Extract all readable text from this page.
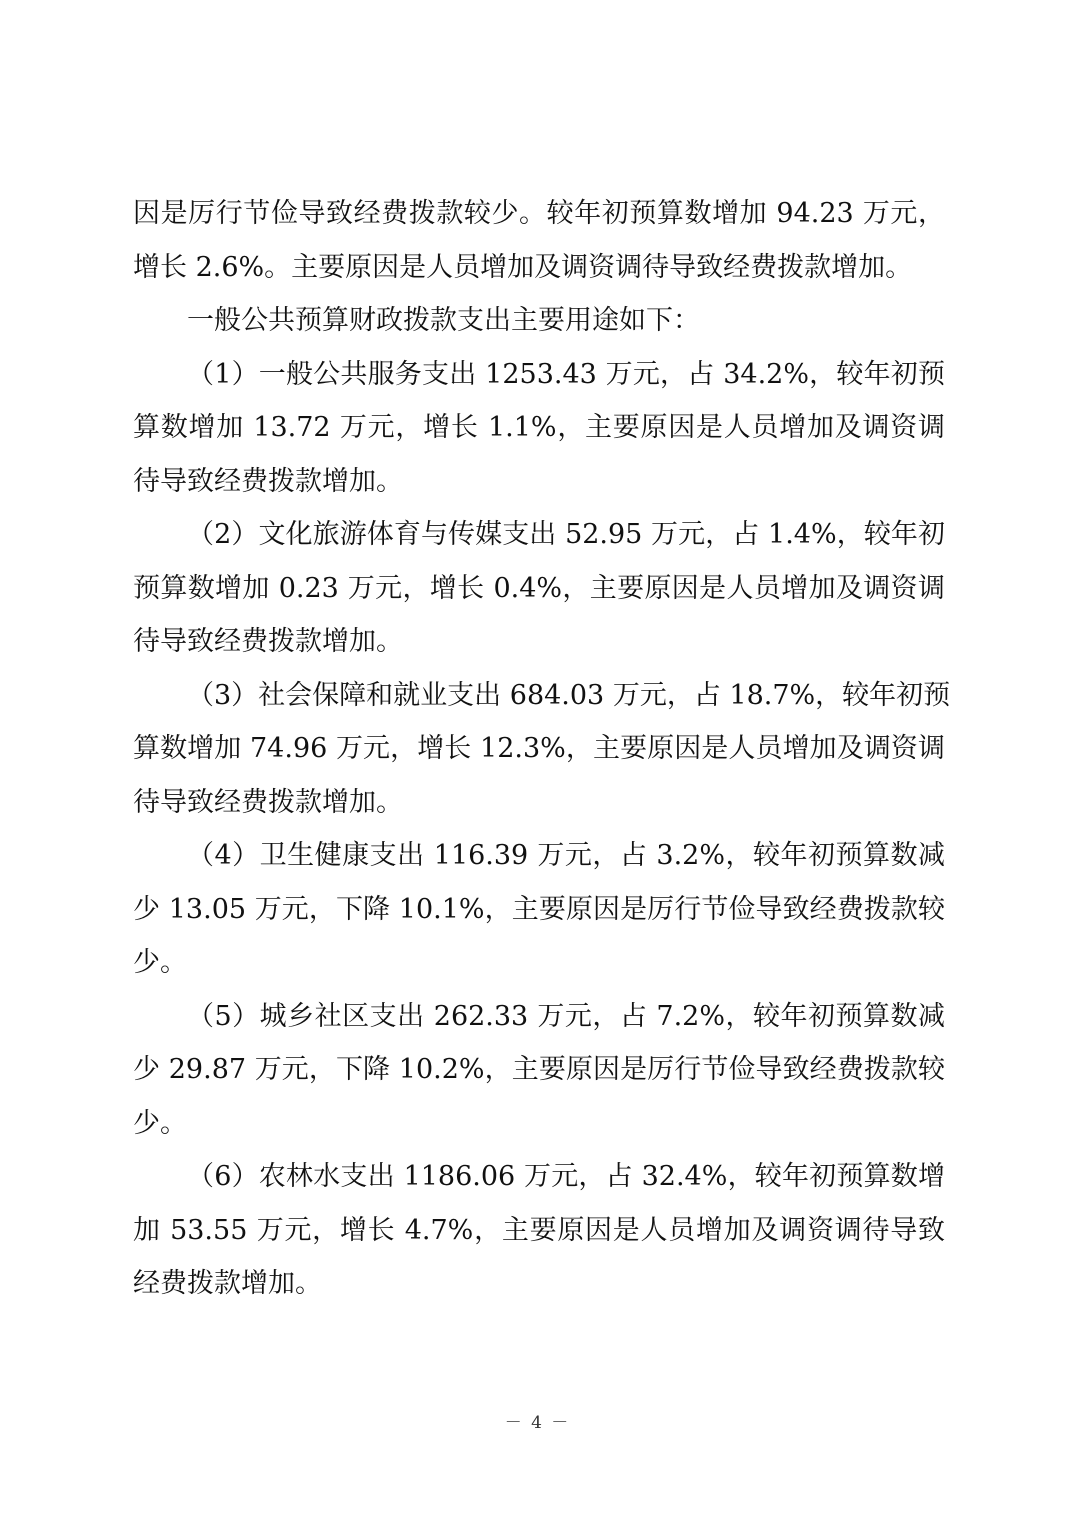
因是厉行节俭导致经费拨款较少。较年初预算数增加 94.23 万元，
增长 2.6%。主要原因是人员增加及调资调待导致经费拨款增加。
一般公共预算财政拨款支出主要用途如下：
（1）一般公共服务支出 1253.43 万元，占 34.2%，较年初预
算数增加 13.72 万元，增长 1.1%，主要原因是人员增加及调资调
待导致经费拨款增加。
（2）文化旅游体育与传媒支出 52.95 万元，占 1.4%，较年初
预算数增加 0.23 万元，增长 0.4%，主要原因是人员增加及调资调
待导致经费拨款增加。
（3）社会保障和就业支出 684.03 万元，占 18.7%，较年初预
算数增加 74.96 万元，增长 12.3%，主要原因是人员增加及调资调
待导致经费拨款增加。
（4）卫生健康支出 116.39 万元，占 3.2%，较年初预算数减
少 13.05 万元，下降 10.1%，主要原因是厉行节俭导致经费拨款较
少。
（5）城乡社区支出 262.33 万元，占 7.2%，较年初预算数减
少 29.87 万元，下降 10.2%，主要原因是厉行节俭导致经费拨款较
少。
（6）农林水支出 1186.06 万元，占 32.4%，较年初预算数增
加 53.55 万元，增长 4.7%，主要原因是人员增加及调资调待导致
经费拨款增加。
－ 4 －
